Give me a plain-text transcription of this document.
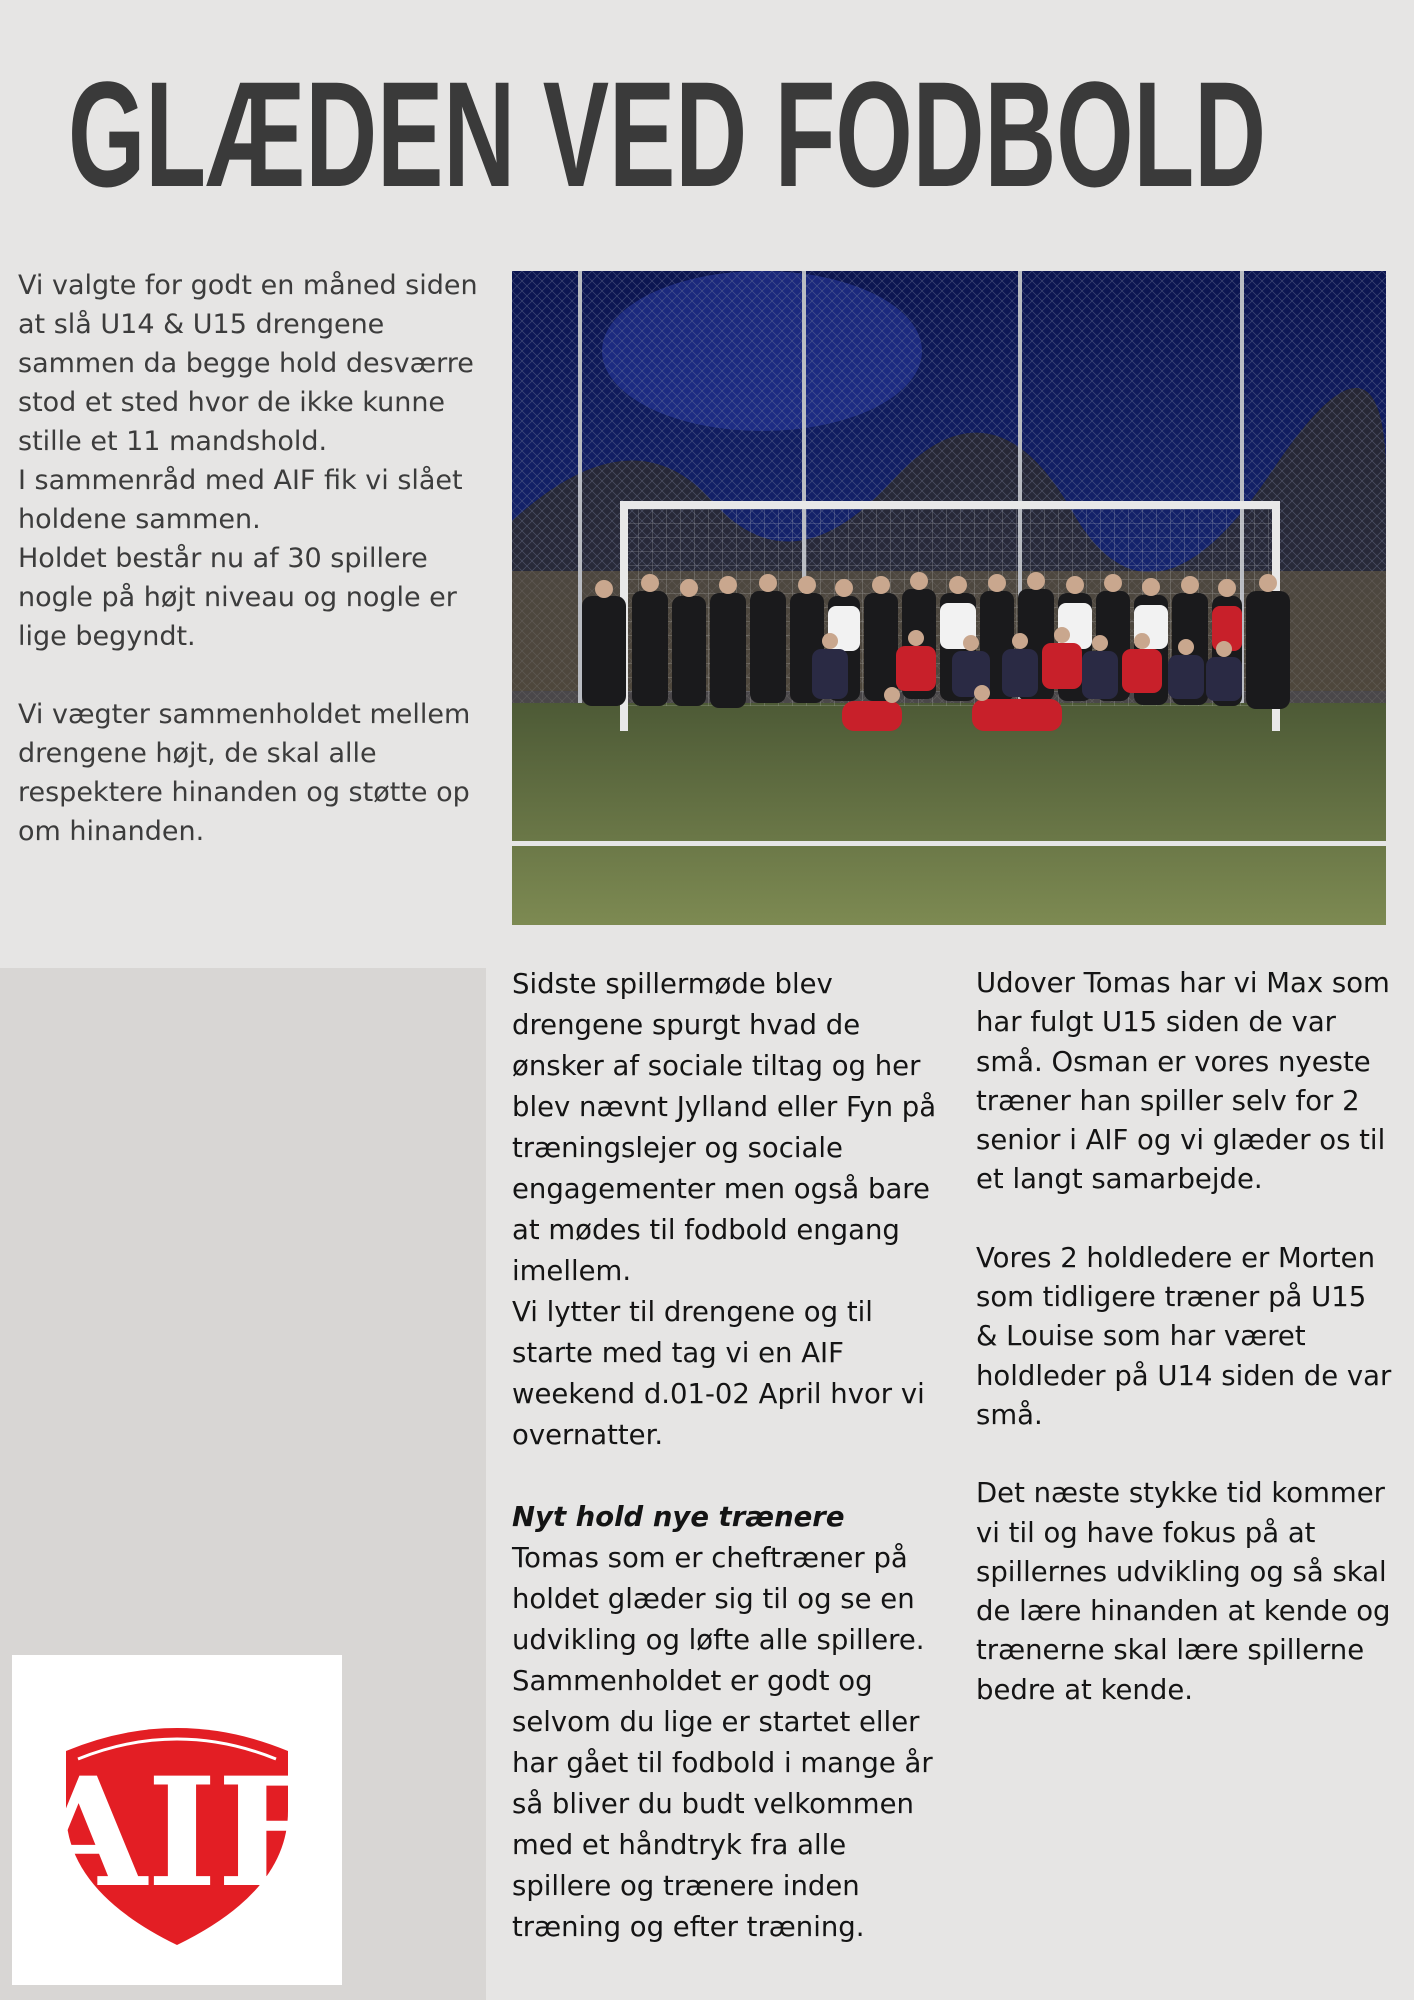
GLÆDEN VED FODBOLD

Vi valgte for godt en måned siden at slå U14 & U15 drengene sammen da begge hold desværre stod et sted hvor de ikke kunne stille et 11 mandshold.

I sammenråd med AIF fik vi slået holdene sammen.

Holdet består nu af 30 spillere nogle på højt niveau og nogle er lige begyndt.

Vi vægter sammenholdet mellem drengene højt, de skal alle respektere hinanden og støtte op om hinanden.

Sidste spillermøde blev drengene spurgt hvad de ønsker af sociale tiltag og her blev nævnt Jylland eller Fyn på træningslejer og sociale engagementer men også bare at mødes til fodbold engang imellem.

Vi lytter til drengene og til starte med tag vi en AIF weekend d.01-02 April hvor vi overnatter.

Nyt hold nye trænere

Tomas som er cheftræner på holdet glæder sig til og se en udvikling og løfte alle spillere. Sammenholdet er godt og selvom du lige er startet eller har gået til fodbold i mange år så bliver du budt velkommen med et håndtryk fra alle spillere og trænere inden træning og efter træning.

Udover Tomas har vi Max som har fulgt U15 siden de var små. Osman er vores nyeste træner han spiller selv for 2 senior i AIF og vi glæder os til et langt samarbejde.

Vores 2 holdledere er Morten som tidligere træner på U15 & Louise som har været holdleder på U14 siden de var små.

Det næste stykke tid kommer vi til og have fokus på at spillernes udvikling og så skal de lære hinanden at kende og trænerne skal lære spillerne bedre at kende.

AIF
